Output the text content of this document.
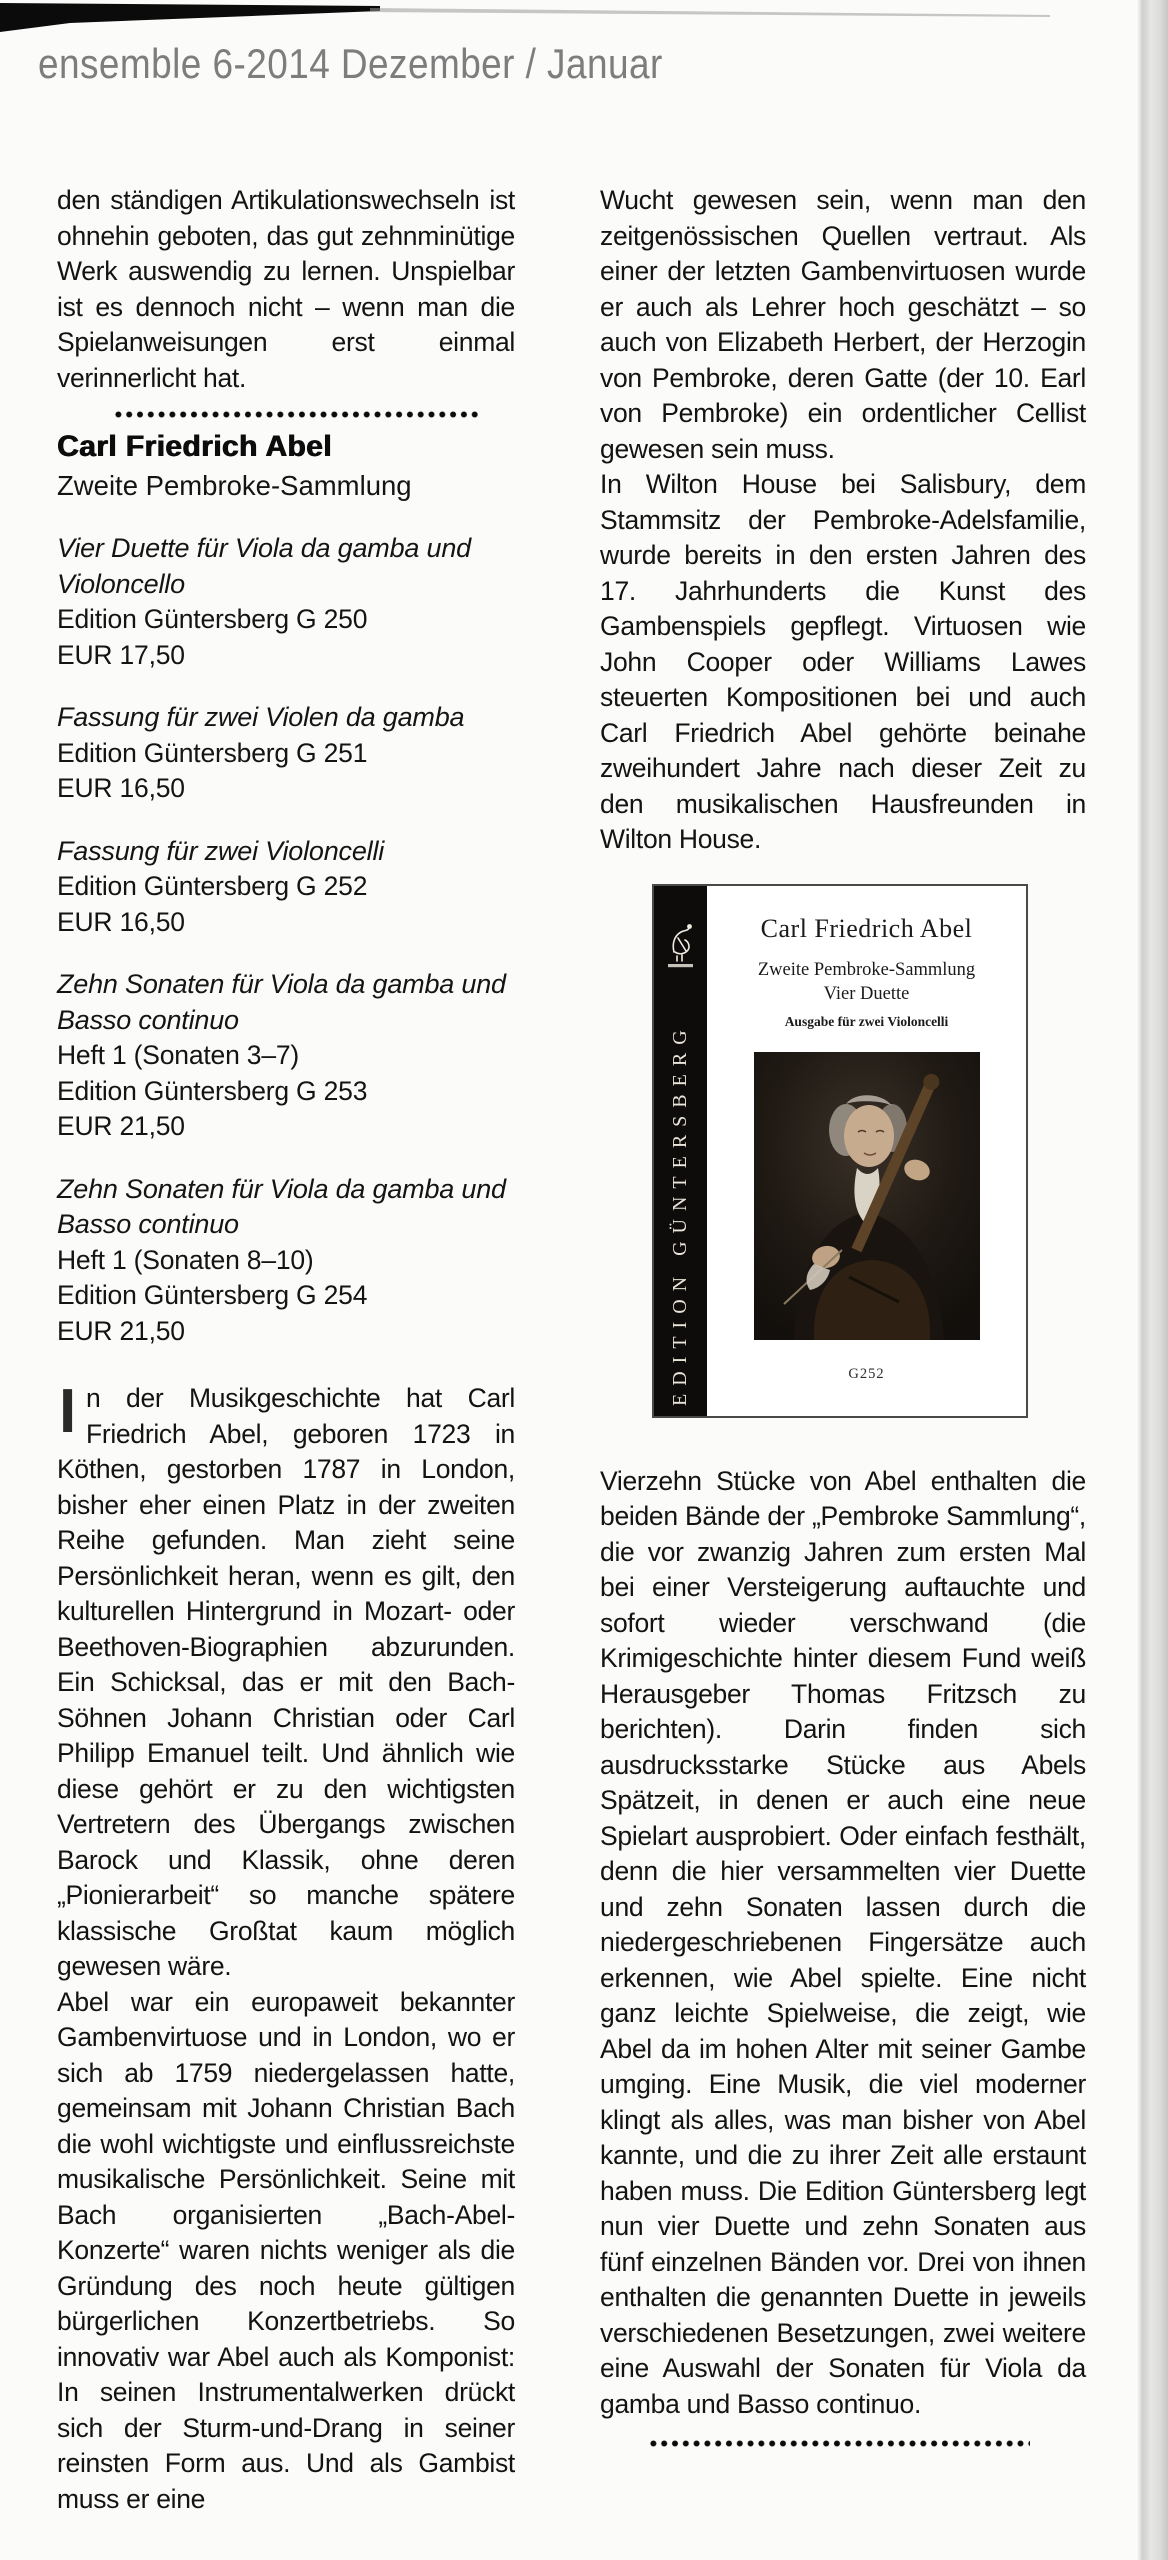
ensemble 6-2014 Dezember / Januar

den ständigen Artikulationswechseln ist ohnehin geboten, das gut zehnminütige Werk auswendig zu lernen. Unspielbar ist es dennoch nicht – wenn man die Spielanweisungen erst einmal verinnerlicht hat.

Carl Friedrich Abel
Zweite Pembroke-Sammlung
Vier Duette für Viola da gamba und Violoncello
Edition Güntersberg G 250
EUR 17,50
Fassung für zwei Violen da gamba
Edition Güntersberg G 251
EUR 16,50
Fassung für zwei Violoncelli
Edition Güntersberg G 252
EUR 16,50
Zehn Sonaten für Viola da gamba und Basso continuo
Heft 1 (Sonaten 3–7)
Edition Güntersberg G 253
EUR 21,50
Zehn Sonaten für Viola da gamba und Basso continuo
Heft 1 (Sonaten 8–10)
Edition Güntersberg G 254
EUR 21,50

In der Musikgeschichte hat Carl Friedrich Abel, geboren 1723 in Köthen, gestorben 1787 in London, bisher eher einen Platz in der zweiten Reihe gefunden. Man zieht seine Persönlichkeit heran, wenn es gilt, den kulturellen Hintergrund in Mozart- oder Beethoven-Biographien abzurunden. Ein Schicksal, das er mit den Bach-Söhnen Johann Christian oder Carl Philipp Emanuel teilt. Und ähnlich wie diese gehört er zu den wichtigsten Vertretern des Übergangs zwischen Barock und Klassik, ohne deren „Pionierarbeit“ so manche spätere klassische Großtat kaum möglich gewesen wäre.

Abel war ein europaweit bekannter Gambenvirtuose und in London, wo er sich ab 1759 niedergelassen hatte, gemeinsam mit Johann Christian Bach die wohl wichtigste und einflussreichste musikalische Persönlichkeit. Seine mit Bach organisierten „Bach-Abel-Konzerte“ waren nichts weniger als die Gründung des noch heute gültigen bürgerlichen Konzertbetriebs. So innovativ war Abel auch als Komponist: In seinen Instrumentalwerken drückt sich der Sturm-und-Drang in seiner reinsten Form aus. Und als Gambist muss er eine

Wucht gewesen sein, wenn man den zeitgenössischen Quellen vertraut. Als einer der letzten Gambenvirtuosen wurde er auch als Lehrer hoch geschätzt – so auch von Elizabeth Herbert, der Herzogin von Pembroke, deren Gatte (der 10. Earl von Pembroke) ein ordentlicher Cellist gewesen sein muss.

In Wilton House bei Salisbury, dem Stammsitz der Pembroke-Adelsfamilie, wurde bereits in den ersten Jahren des 17. Jahrhunderts die Kunst des Gambenspiels gepflegt. Virtuosen wie John Cooper oder Williams Lawes steuerten Kompositionen bei und auch Carl Friedrich Abel gehörte beinahe zweihundert Jahre nach dieser Zeit zu den musikalischen Hausfreunden in Wilton House.

EDITION GÜNTERSBERG
Carl Friedrich Abel
Zweite Pembroke-Sammlung
Vier Duette
Ausgabe für zwei Violoncelli
G252

Vierzehn Stücke von Abel enthalten die beiden Bände der „Pembroke Sammlung“, die vor zwanzig Jahren zum ersten Mal bei einer Versteigerung auftauchte und sofort wieder verschwand (die Krimigeschichte hinter diesem Fund weiß Herausgeber Thomas Fritzsch zu berichten). Darin finden sich ausdrucksstarke Stücke aus Abels Spätzeit, in denen er auch eine neue Spielart ausprobiert. Oder einfach festhält, denn die hier versammelten vier Duette und zehn Sonaten lassen durch die niedergeschriebenen Fingersätze auch erkennen, wie Abel spielte. Eine nicht ganz leichte Spielweise, die zeigt, wie Abel da im hohen Alter mit seiner Gambe umging. Eine Musik, die viel moderner klingt als alles, was man bisher von Abel kannte, und die zu ihrer Zeit alle erstaunt haben muss. Die Edition Güntersberg legt nun vier Duette und zehn Sonaten aus fünf einzelnen Bänden vor. Drei von ihnen enthalten die genannten Duette in jeweils verschiedenen Besetzungen, zwei weitere eine Auswahl der Sonaten für Viola da gamba und Basso continuo.
